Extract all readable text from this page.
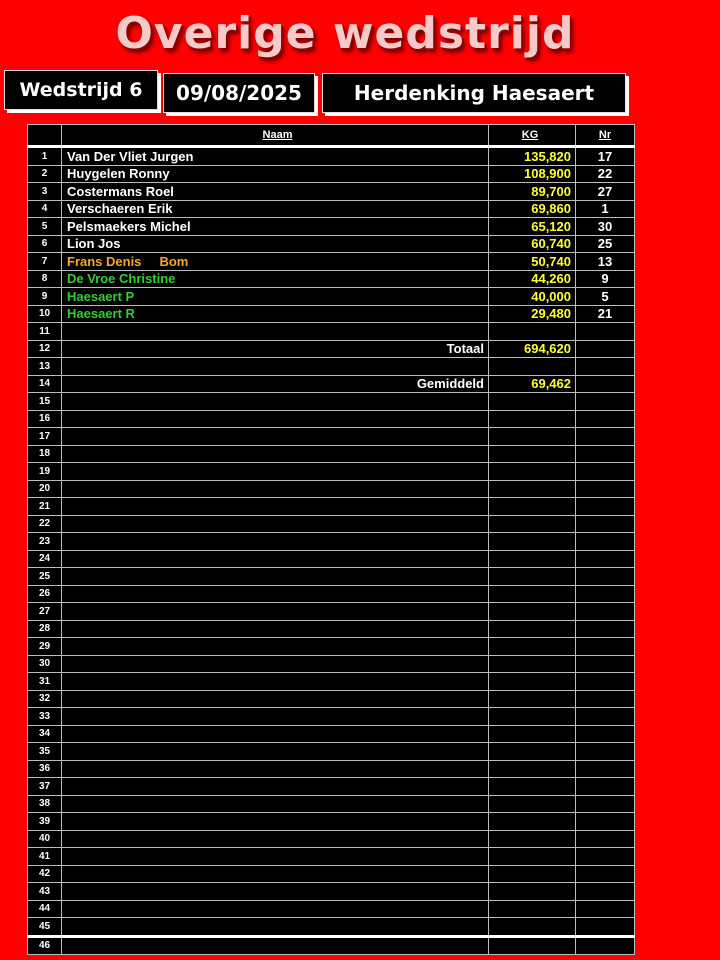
Overige wedstrijd
Wedstrijd 6	09/08/2025	Herdenking Haesaert
	Naam	KG	Nr
1	Van Der Vliet Jurgen	135,820	17
2	Huygelen Ronny	108,900	22
3	Costermans Roel	89,700	27
4	Verschaeren Erik	69,860	1
5	Pelsmaekers Michel	65,120	30
6	Lion Jos	60,740	25
7	Frans Denis     Bom	50,740	13
8	De Vroe Christine	44,260	9
9	Haesaert P	40,000	5
10	Haesaert R	29,480	21
11			
12	Totaal	694,620	
13			
14	Gemiddeld	69,462	
15			
16			
17			
18			
19			
20			
21			
22			
23			
24			
25			
26			
27			
28			
29			
30			
31			
32			
33			
34			
35			
36			
37			
38			
39			
40			
41			
42			
43			
44			
45			
46			
